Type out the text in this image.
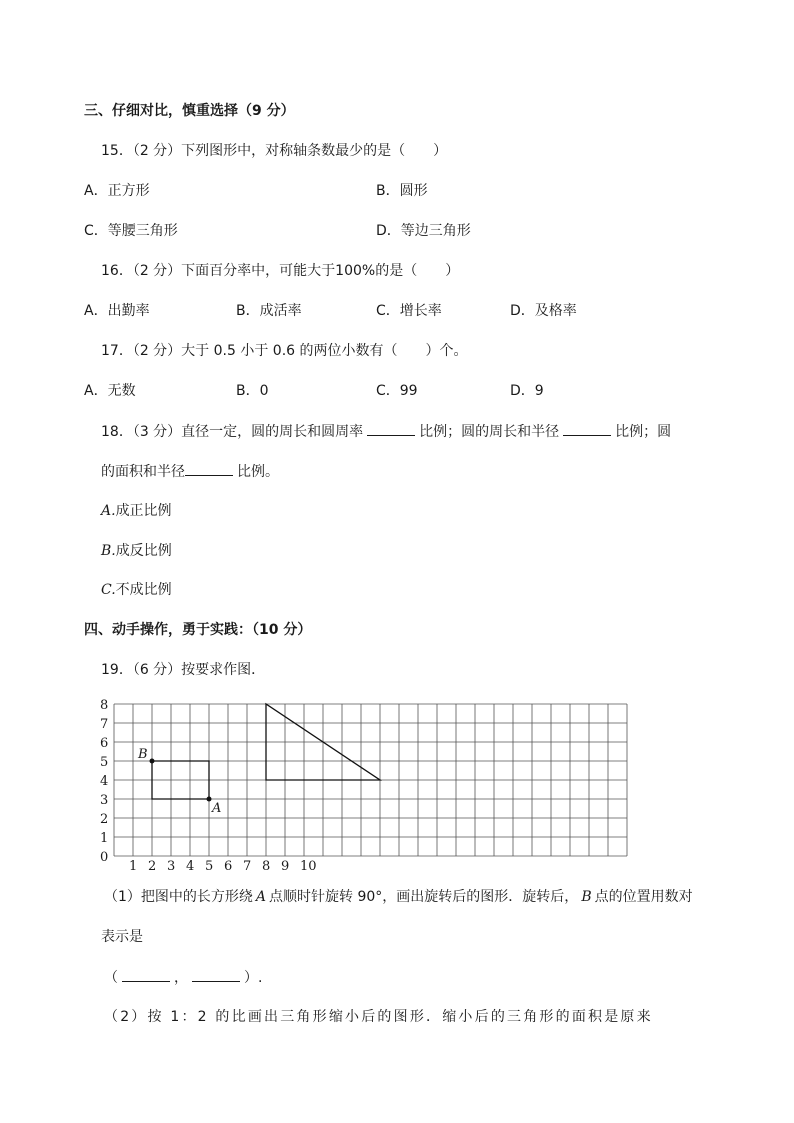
三、仔细对比，慎重选择（9 分）
15．（2 分）下列图形中，对称轴条数最少的是（　　）
A．正方形	B．圆形
C．等腰三角形	D．等边三角形
16．（2 分）下面百分率中，可能大于100%的是（　　）
A．出勤率	B．成活率	C．增长率	D．及格率
17．（2 分）大于 0.5 小于 0.6 的两位小数有（　　）个。
A．无数	B．0	C．99	D．9
18．（3 分）直径一定，圆的周长和圆周率	比例；圆的周长和半径	比例；圆
的面积和半径	比例。
A.成正比例
B.成反比例
C.不成比例
四、动手操作，勇于实践：（10 分）
19．（6 分）按要求作图．
0
1
2
3
4
5
6
7
8
1 2 3 4 5 6 7 8 9 10
A
B
（1）把图中的长方形绕 A 点顺时针旋转 90°，画出旋转后的图形．旋转后， B 点的位置用数对
表示是
（	，	）.
（2）按 1：2 的比画出三角形缩小后的图形．缩小后的三角形的面积是原来
